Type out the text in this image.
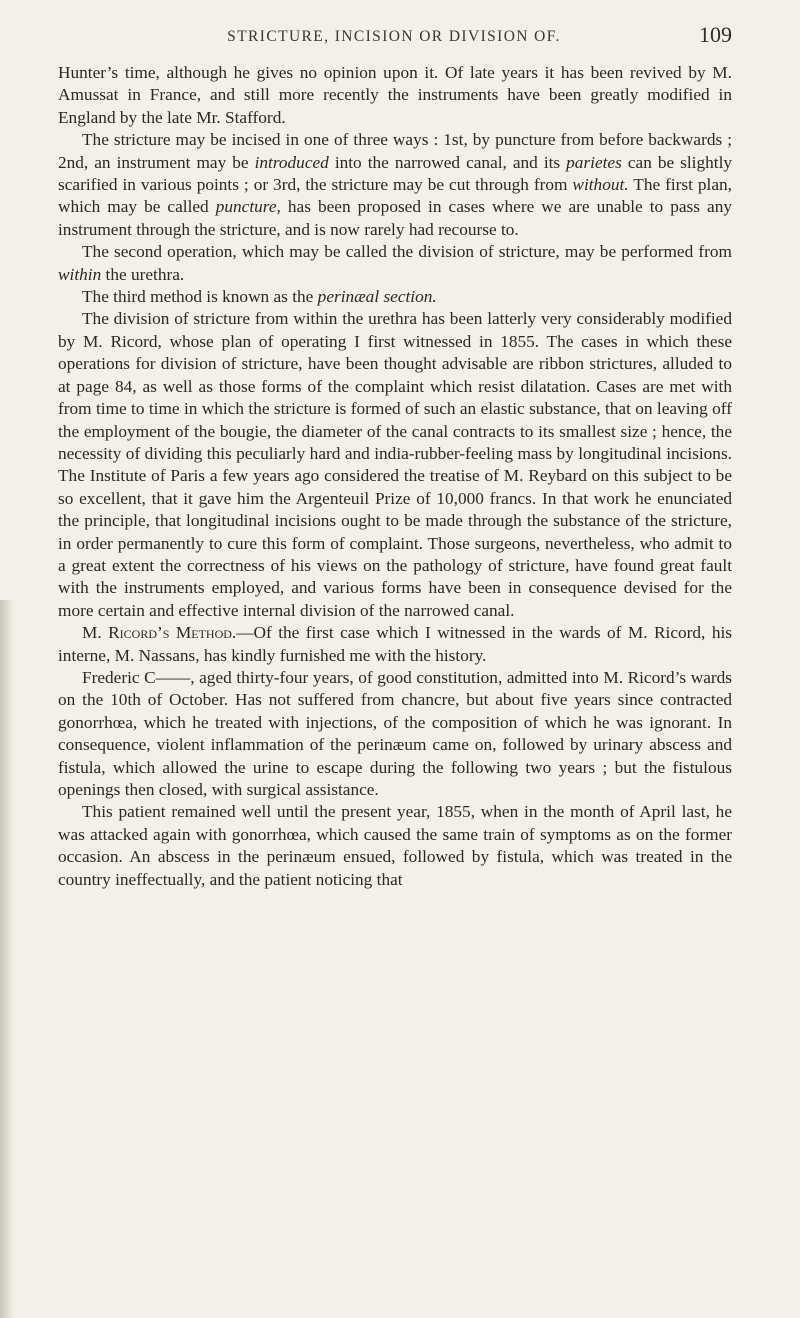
STRICTURE, INCISION OR DIVISION OF.	109

Hunter’s time, although he gives no opinion upon it. Of late years it has been revived by M. Amussat in France, and still more recently the instruments have been greatly modified in England by the late Mr. Stafford.

The stricture may be incised in one of three ways : 1st, by puncture from before backwards ; 2nd, an instrument may be introduced into the narrowed canal, and its parietes can be slightly scarified in various points ; or 3rd, the stricture may be cut through from without. The first plan, which may be called puncture, has been proposed in cases where we are unable to pass any instrument through the stricture, and is now rarely had recourse to.

The second operation, which may be called the division of stricture, may be performed from within the urethra.

The third method is known as the perinæal section.

The division of stricture from within the urethra has been latterly very considerably modified by M. Ricord, whose plan of operating I first witnessed in 1855. The cases in which these operations for division of stricture, have been thought advisable are ribbon strictures, alluded to at page 84, as well as those forms of the complaint which resist dilatation. Cases are met with from time to time in which the stricture is formed of such an elastic substance, that on leaving off the employment of the bougie, the diameter of the canal contracts to its smallest size ; hence, the necessity of dividing this peculiarly hard and india-rubber-feeling mass by longitudinal incisions. The Institute of Paris a few years ago considered the treatise of M. Reybard on this subject to be so excellent, that it gave him the Argenteuil Prize of 10,000 francs. In that work he enunciated the principle, that longitudinal incisions ought to be made through the substance of the stricture, in order permanently to cure this form of complaint. Those surgeons, nevertheless, who admit to a great extent the correctness of his views on the pathology of stricture, have found great fault with the instruments employed, and various forms have been in consequence devised for the more certain and effective internal division of the narrowed canal.

M. Ricord’s Method.—Of the first case which I witnessed in the wards of M. Ricord, his interne, M. Nassans, has kindly furnished me with the history.

Frederic C——, aged thirty-four years, of good constitution, admitted into M. Ricord’s wards on the 10th of October. Has not suffered from chancre, but about five years since contracted gonorrhœa, which he treated with injections, of the composition of which he was ignorant. In consequence, violent inflammation of the perinæum came on, followed by urinary abscess and fistula, which allowed the urine to escape during the following two years ; but the fistulous openings then closed, with surgical assistance.

This patient remained well until the present year, 1855, when in the month of April last, he was attacked again with gonorrhœa, which caused the same train of symptoms as on the former occasion. An abscess in the perinæum ensued, followed by fistula, which was treated in the country ineffectually, and the patient noticing that
